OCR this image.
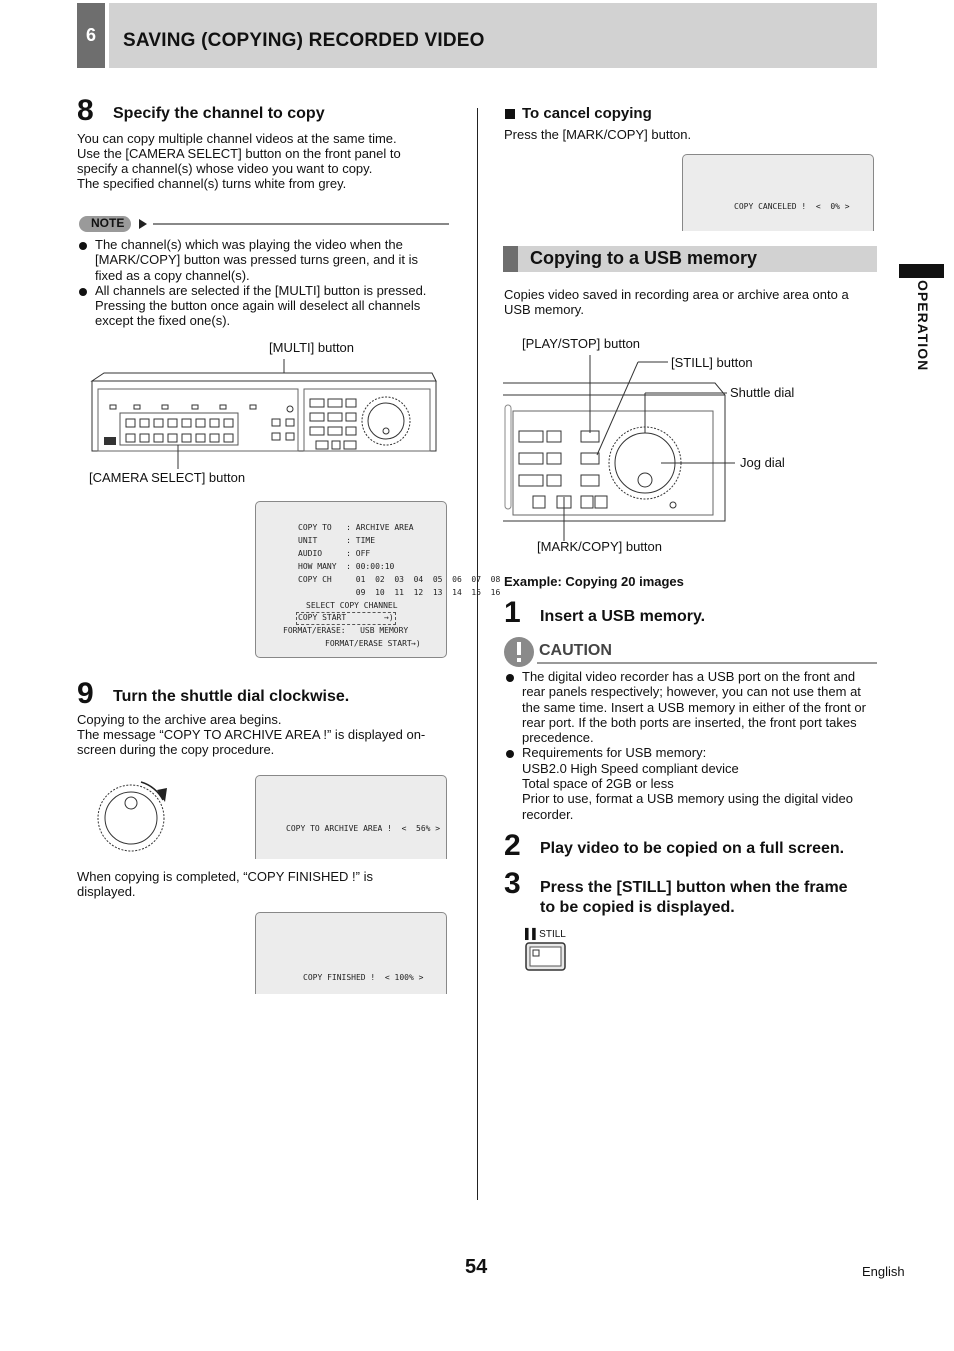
6	SAVING (COPYING) RECORDED VIDEO
OPERATION
8 Specify the channel to copy
You can copy multiple channel videos at the same time.
Use the [CAMERA SELECT] button on the front panel to
specify a channel(s) whose video you want to copy.
The specified channel(s) turns white from grey.
NOTE
The channel(s) which was playing the video when the [MARK/COPY] button was pressed turns green, and it is fixed as a copy channel(s).
All channels are selected if the [MULTI] button is pressed. Pressing the button once again will deselect all channels except the fixed one(s).
[MULTI] button
[CAMERA SELECT] button
COPY TO   : ARCHIVE AREA
UNIT      : TIME
AUDIO     : OFF
HOW MANY  : 00:00:10
COPY CH     01  02  03  04  05  06  07  08
09  10  11  12  13  14  15  16
SELECT COPY CHANNEL
COPY START	→)
FORMAT/ERASE:   USB MEMORY
FORMAT/ERASE START →)
9 Turn the shuttle dial clockwise.
Copying to the archive area begins.
The message “COPY TO ARCHIVE AREA !” is displayed on-
screen during the copy procedure.
COPY TO ARCHIVE AREA !  <  56% >
When copying is completed, “COPY FINISHED !” is
displayed.
COPY FINISHED !  < 100% >
To cancel copying
Press the [MARK/COPY] button.
COPY CANCELED !  <  0% >
Copying to a USB memory
Copies video saved in recording area or archive area onto a
USB memory.
[PLAY/STOP] button
[STILL] button
Shuttle dial
Jog dial
[MARK/COPY] button
Example: Copying 20 images
1 Insert a USB memory.
CAUTION
The digital video recorder has a USB port on the front and rear panels respectively; however, you can not use them at the same time. Insert a USB memory in either of the front or rear port. If the both ports are inserted, the front port takes precedence.
Requirements for USB memory:
USB2.0 High Speed compliant device
Total space of 2GB or less
Prior to use, format a USB memory using the digital video recorder.
2 Play video to be copied on a full screen.
3 Press the [STILL] button when the frame
to be copied is displayed.
▌▌STILL
54	English
